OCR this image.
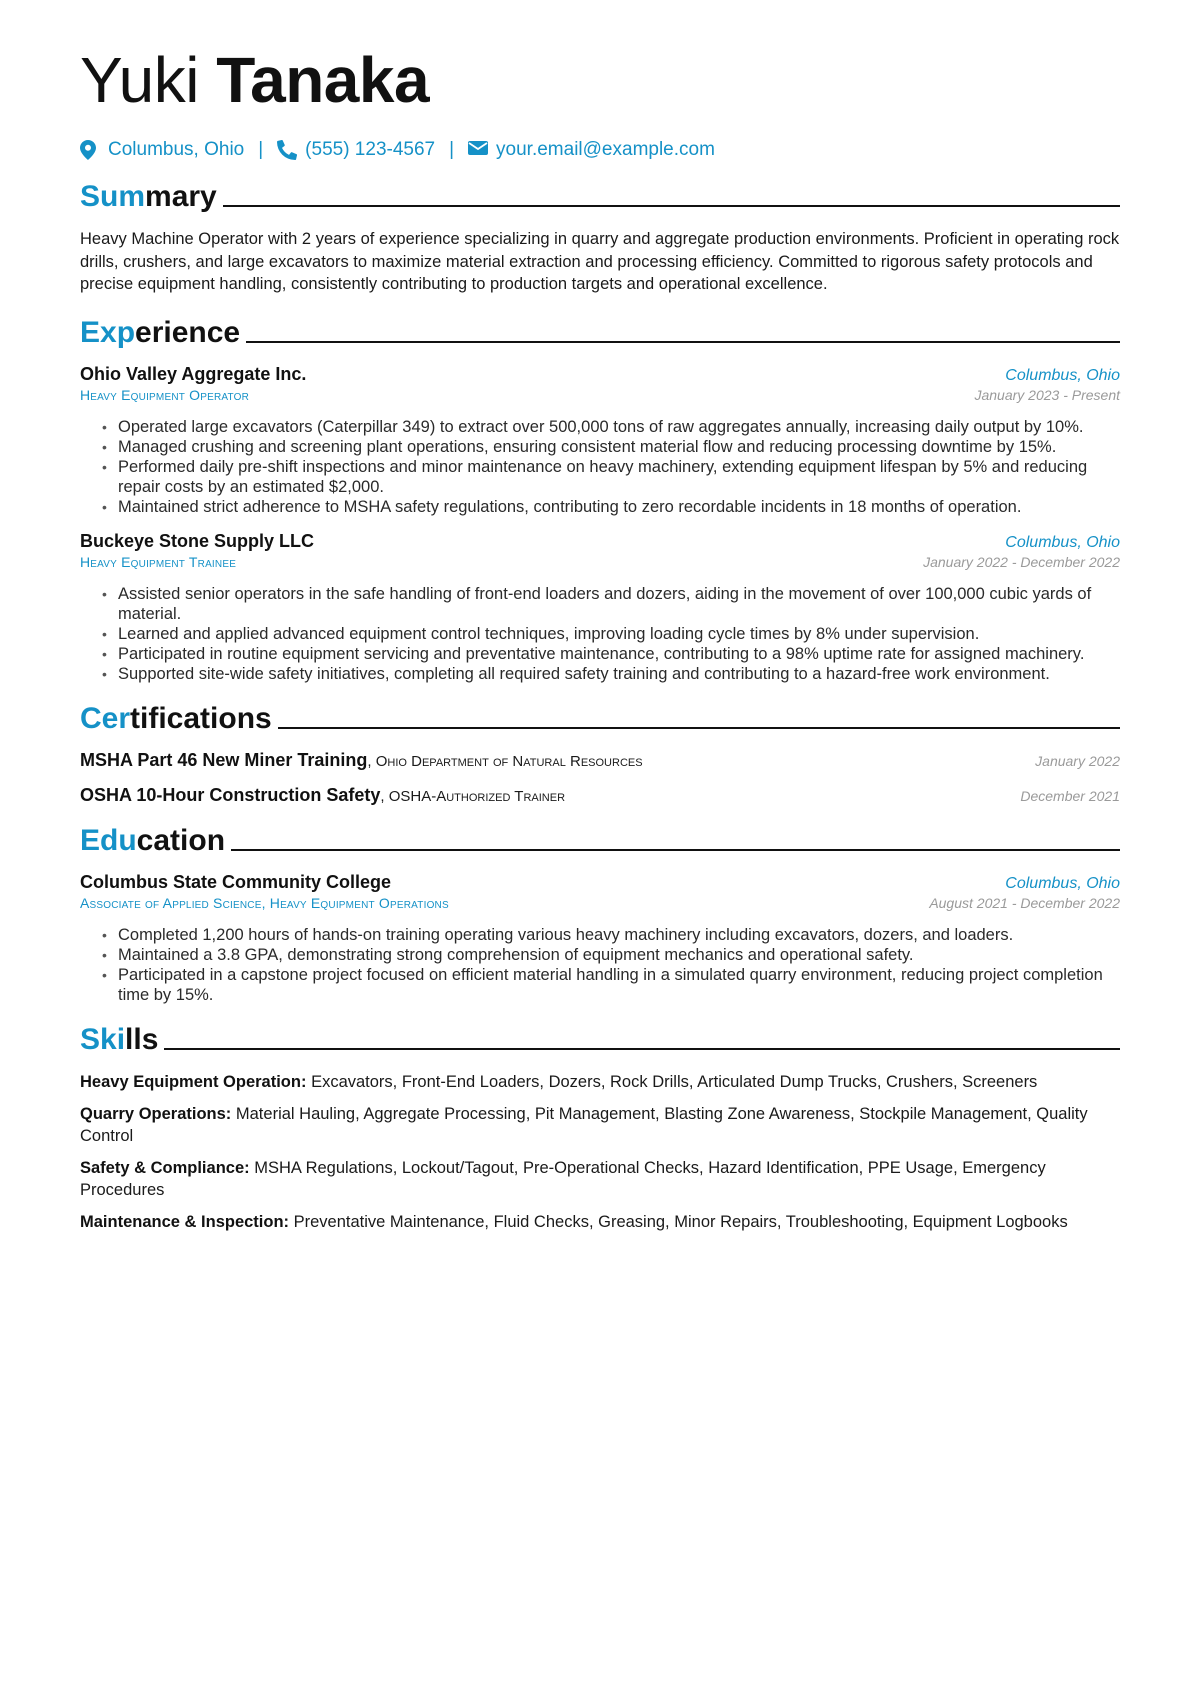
Yuki Tanaka
Columbus, Ohio | (555) 123-4567 | your.email@example.com
Summary

Heavy Machine Operator with 2 years of experience specializing in quarry and aggregate production environments. Proficient in operating rock drills, crushers, and large excavators to maximize material extraction and processing efficiency. Committed to rigorous safety protocols and precise equipment handling, consistently contributing to production targets and operational excellence.

Experience
Ohio Valley Aggregate Inc.	Columbus, Ohio
Heavy Equipment Operator	January 2023 - Present
• Operated large excavators (Caterpillar 349) to extract over 500,000 tons of raw aggregates annually, increasing daily output by 10%.
• Managed crushing and screening plant operations, ensuring consistent material flow and reducing processing downtime by 15%.
• Performed daily pre-shift inspections and minor maintenance on heavy machinery, extending equipment lifespan by 5% and reducing repair costs by an estimated $2,000.
• Maintained strict adherence to MSHA safety regulations, contributing to zero recordable incidents in 18 months of operation.
Buckeye Stone Supply LLC	Columbus, Ohio
Heavy Equipment Trainee	January 2022 - December 2022
• Assisted senior operators in the safe handling of front-end loaders and dozers, aiding in the movement of over 100,000 cubic yards of material.
• Learned and applied advanced equipment control techniques, improving loading cycle times by 8% under supervision.
• Participated in routine equipment servicing and preventative maintenance, contributing to a 98% uptime rate for assigned machinery.
• Supported site-wide safety initiatives, completing all required safety training and contributing to a hazard-free work environment.
Certifications
MSHA Part 46 New Miner Training, Ohio Department of Natural Resources	January 2022
OSHA 10-Hour Construction Safety, OSHA-Authorized Trainer	December 2021
Education
Columbus State Community College	Columbus, Ohio
Associate of Applied Science, Heavy Equipment Operations	August 2021 - December 2022
• Completed 1,200 hours of hands-on training operating various heavy machinery including excavators, dozers, and loaders.
• Maintained a 3.8 GPA, demonstrating strong comprehension of equipment mechanics and operational safety.
• Participated in a capstone project focused on efficient material handling in a simulated quarry environment, reducing project completion time by 15%.
Skills
Heavy Equipment Operation: Excavators, Front-End Loaders, Dozers, Rock Drills, Articulated Dump Trucks, Crushers, Screeners
Quarry Operations: Material Hauling, Aggregate Processing, Pit Management, Blasting Zone Awareness, Stockpile Management, Quality Control
Safety & Compliance: MSHA Regulations, Lockout/Tagout, Pre-Operational Checks, Hazard Identification, PPE Usage, Emergency Procedures
Maintenance & Inspection: Preventative Maintenance, Fluid Checks, Greasing, Minor Repairs, Troubleshooting, Equipment Logbooks
